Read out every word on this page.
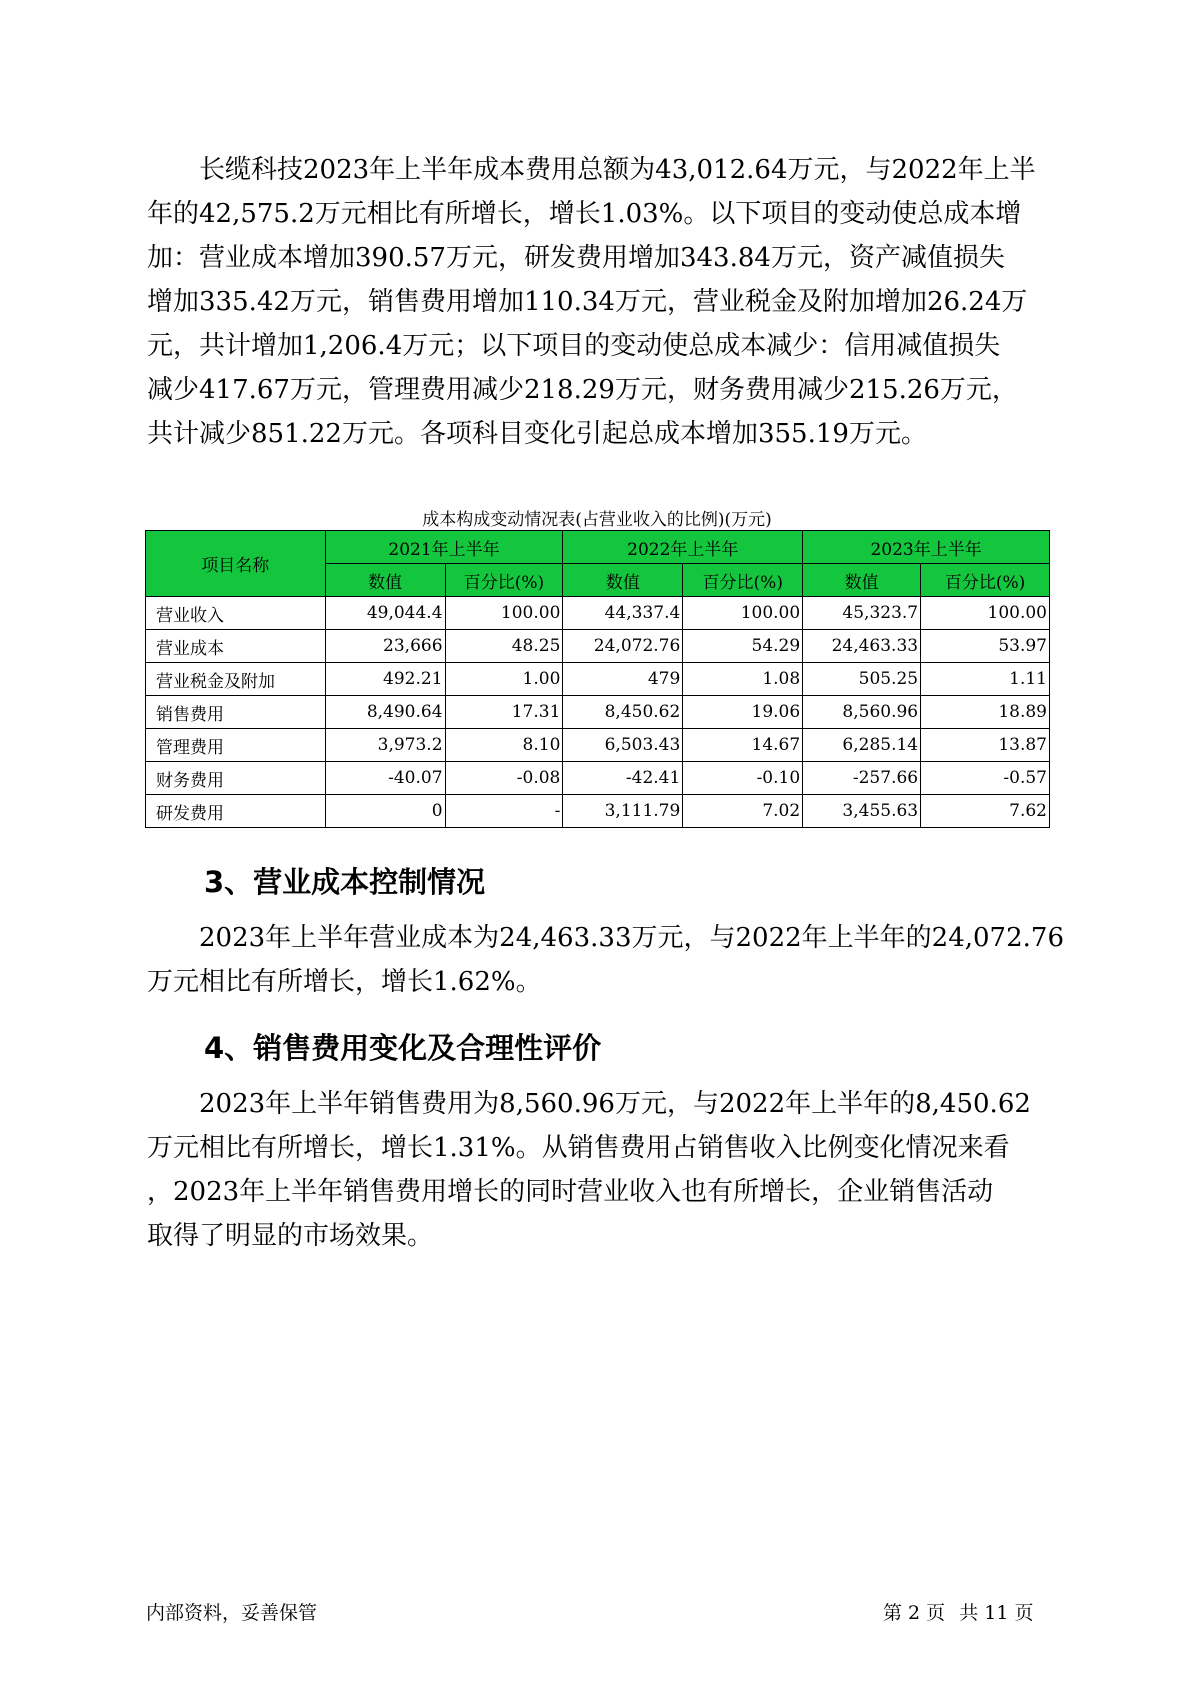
长缆科技2023年上半年成本费用总额为43,012.64万元，与2022年上半
年的42,575.2万元相比有所增长，增长1.03%。以下项目的变动使总成本增
加：营业成本增加390.57万元，研发费用增加343.84万元，资产减值损失
增加335.42万元，销售费用增加110.34万元，营业税金及附加增加26.24万
元，共计增加1,206.4万元；以下项目的变动使总成本减少：信用减值损失
减少417.67万元，管理费用减少218.29万元，财务费用减少215.26万元，
共计减少851.22万元。各项科目变化引起总成本增加355.19万元。

成本构成变动情况表(占营业收入的比例)(万元)

项目名称	2021年上半年		2022年上半年		2023年上半年	
	数值	百分比(%)	数值	百分比(%)	数值	百分比(%)
营业收入	49,044.4	100.00	44,337.4	100.00	45,323.7	100.00
营业成本	23,666	48.25	24,072.76	54.29	24,463.33	53.97
营业税金及附加	492.21	1.00	479	1.08	505.25	1.11
销售费用	8,490.64	17.31	8,450.62	19.06	8,560.96	18.89
管理费用	3,973.2	8.10	6,503.43	14.67	6,285.14	13.87
财务费用	-40.07	-0.08	-42.41	-0.10	-257.66	-0.57
研发费用	0	-	3,111.79	7.02	3,455.63	7.62
3、营业成本控制情况
2023年上半年营业成本为24,463.33万元，与2022年上半年的24,072.76
万元相比有所增长，增长1.62%。
4、销售费用变化及合理性评价
2023年上半年销售费用为8,560.96万元，与2022年上半年的8,450.62
万元相比有所增长，增长1.31%。从销售费用占销售收入比例变化情况来看
，2023年上半年销售费用增长的同时营业收入也有所增长，企业销售活动
取得了明显的市场效果。
内部资料，妥善保管	第 2 页 共 11 页
